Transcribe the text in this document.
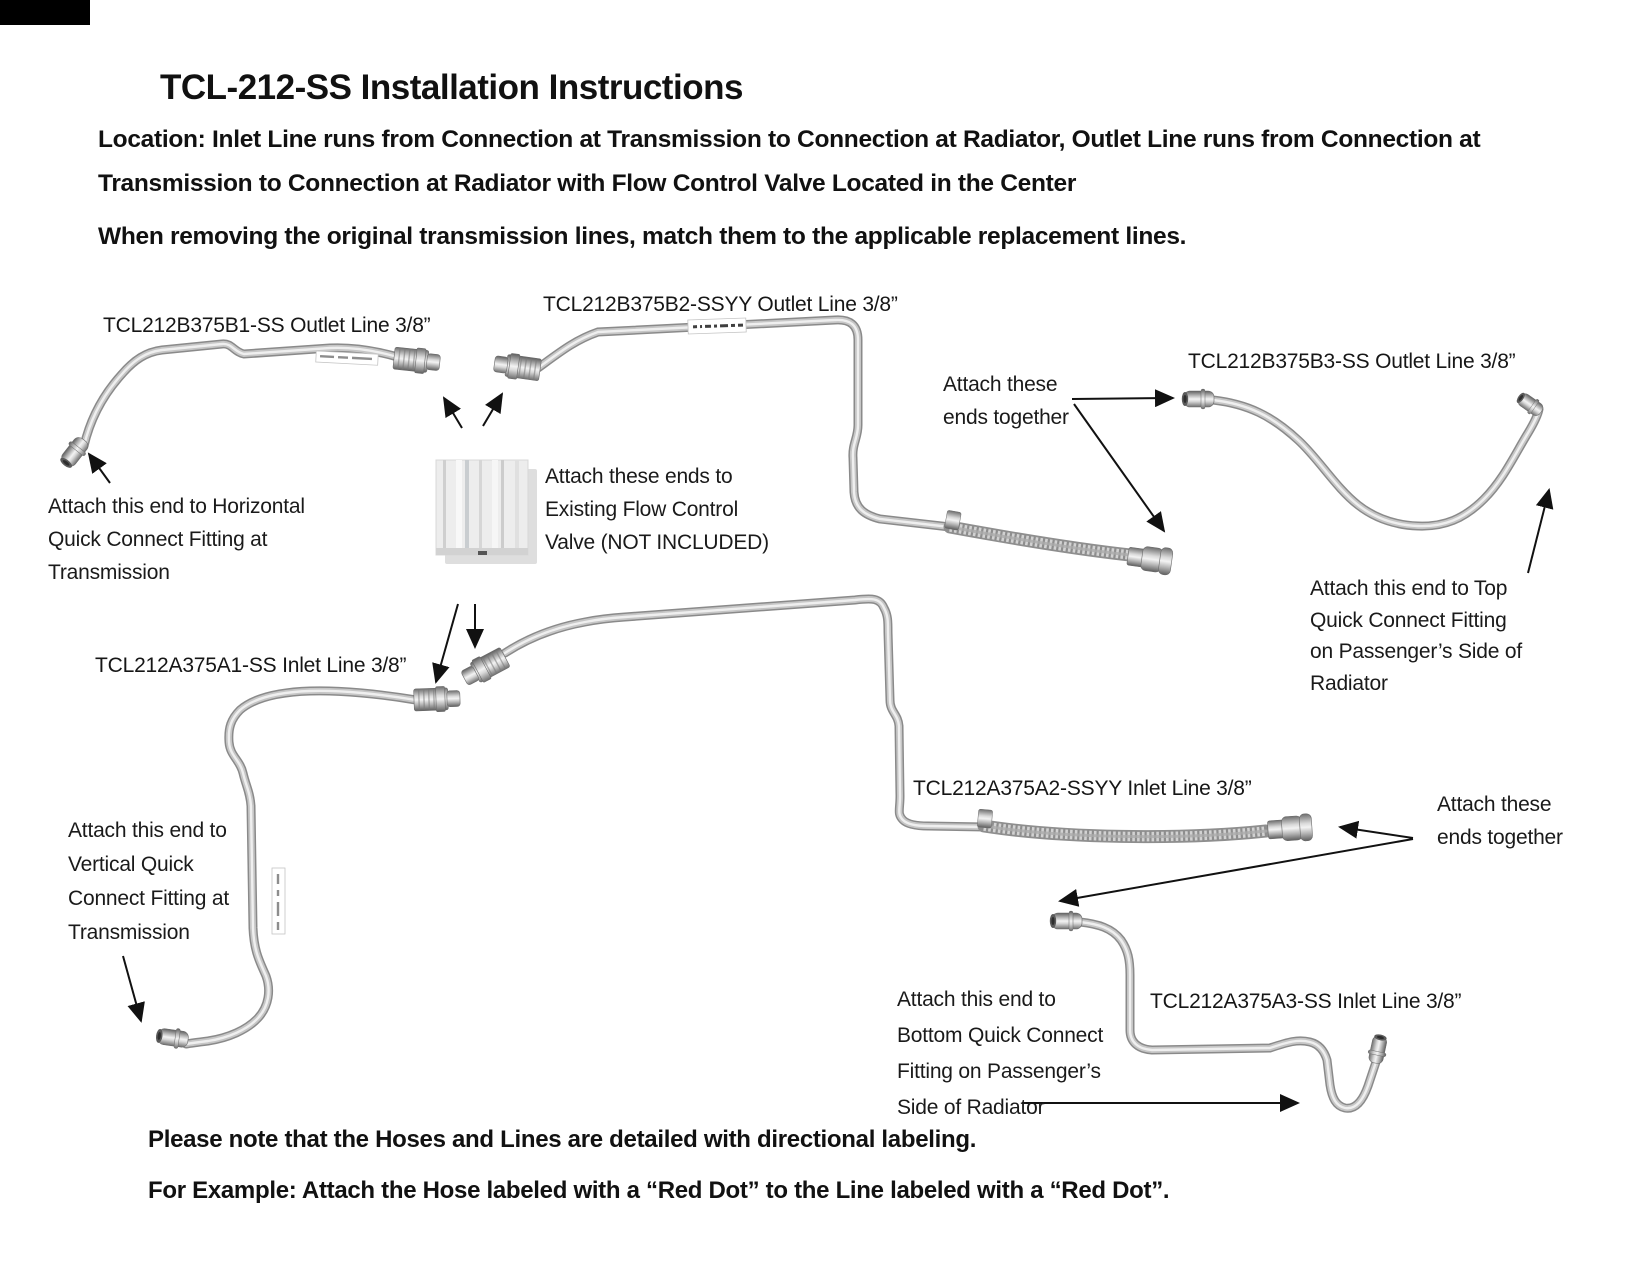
TCL-212-SS Installation Instructions
Location: Inlet Line runs from Connection at Transmission to Connection at Radiator, Outlet Line runs from Connection at
Transmission to Connection at Radiator with Flow Control Valve Located in the Center
When removing the original transmission lines, match them to the applicable replacement lines.
TCL212B375B1-SS Outlet Line 3/8”
TCL212B375B2-SSYY Outlet Line 3/8”
TCL212B375B3-SS Outlet Line 3/8”
TCL212A375A1-SS Inlet Line 3/8”
TCL212A375A2-SSYY Inlet Line 3/8”
TCL212A375A3-SS Inlet Line 3/8”
Attach this end to Horizontal
Quick Connect Fitting at
Transmission
Attach these ends to
Existing Flow Control
Valve (NOT INCLUDED)
Attach these
ends together
Attach this end to Top
Quick Connect Fitting
on Passenger’s Side of
Radiator
Attach these
ends together
Attach this end to
Vertical Quick
Connect Fitting at
Transmission
Attach this end to
Bottom Quick Connect
Fitting on Passenger’s
Side of Radiator
Please note that the Hoses and Lines are detailed with directional labeling.
For Example: Attach the Hose labeled with a “Red Dot” to the Line labeled with a “Red Dot”.
